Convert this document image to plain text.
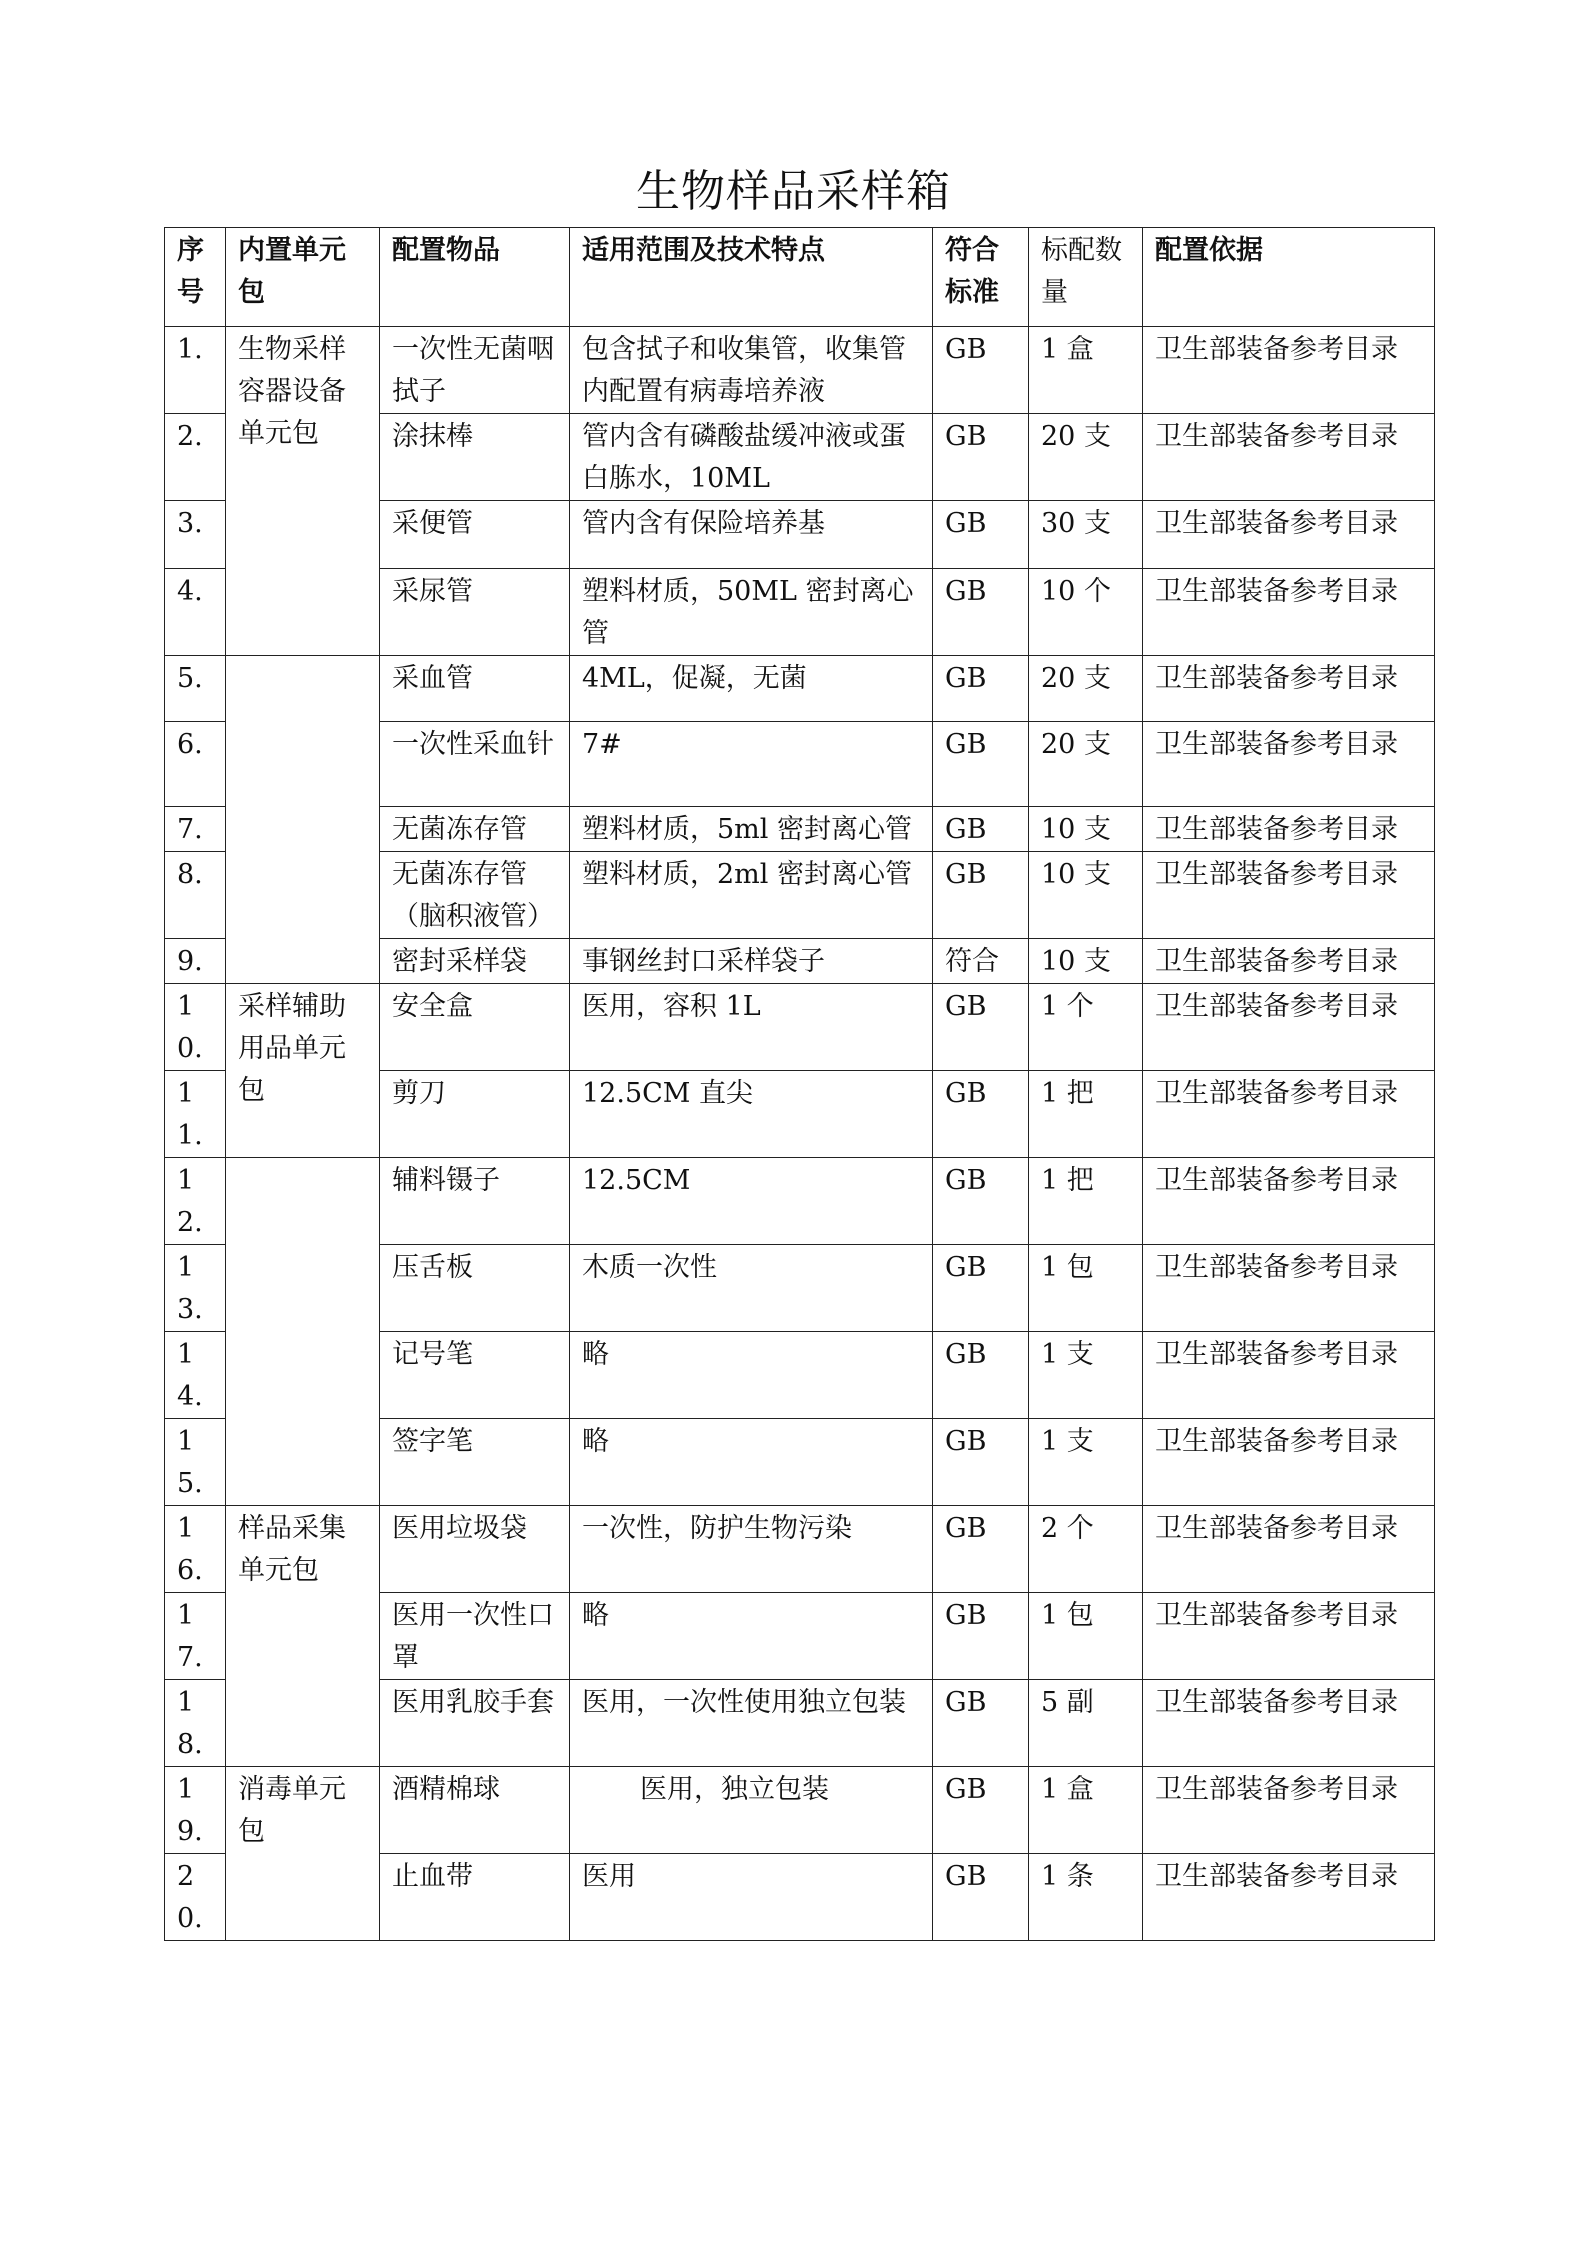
生物样品采样箱
序号	内置单元包	配置物品	适用范围及技术特点	符合标准	标配数量	配置依据
1.	生物采样容器设备单元包	一次性无菌咽拭子	包含拭子和收集管，收集管内配置有病毒培养液	GB	1 盒	卫生部装备参考目录
2.		涂抹棒	管内含有磷酸盐缓冲液或蛋白胨水，10ML	GB	20 支	卫生部装备参考目录
3.		采便管	管内含有保险培养基	GB	30 支	卫生部装备参考目录
4.		采尿管	塑料材质，50ML 密封离心管	GB	10 个	卫生部装备参考目录
5.		采血管	4ML，促凝，无菌	GB	20 支	卫生部装备参考目录
6.		一次性采血针	7#	GB	20 支	卫生部装备参考目录
7.		无菌冻存管	塑料材质，5ml 密封离心管	GB	10 支	卫生部装备参考目录
8.		无菌冻存管（脑积液管）	塑料材质，2ml 密封离心管	GB	10 支	卫生部装备参考目录
9.		密封采样袋	事钢丝封口采样袋子	符合	10 支	卫生部装备参考目录
10.	采样辅助用品单元包	安全盒	医用，容积 1L	GB	1 个	卫生部装备参考目录
11.		剪刀	12.5CM 直尖	GB	1 把	卫生部装备参考目录
12.		辅料镊子	12.5CM	GB	1 把	卫生部装备参考目录
13.		压舌板	木质一次性	GB	1 包	卫生部装备参考目录
14.		记号笔	略	GB	1 支	卫生部装备参考目录
15.		签字笔	略	GB	1 支	卫生部装备参考目录
16.	样品采集单元包	医用垃圾袋	一次性，防护生物污染	GB	2 个	卫生部装备参考目录
17.		医用一次性口罩	略	GB	1 包	卫生部装备参考目录
18.		医用乳胶手套	医用，一次性使用独立包装	GB	5 副	卫生部装备参考目录
19.	消毒单元包	酒精棉球	医用，独立包装	GB	1 盒	卫生部装备参考目录
20.		止血带	医用	GB	1 条	卫生部装备参考目录
